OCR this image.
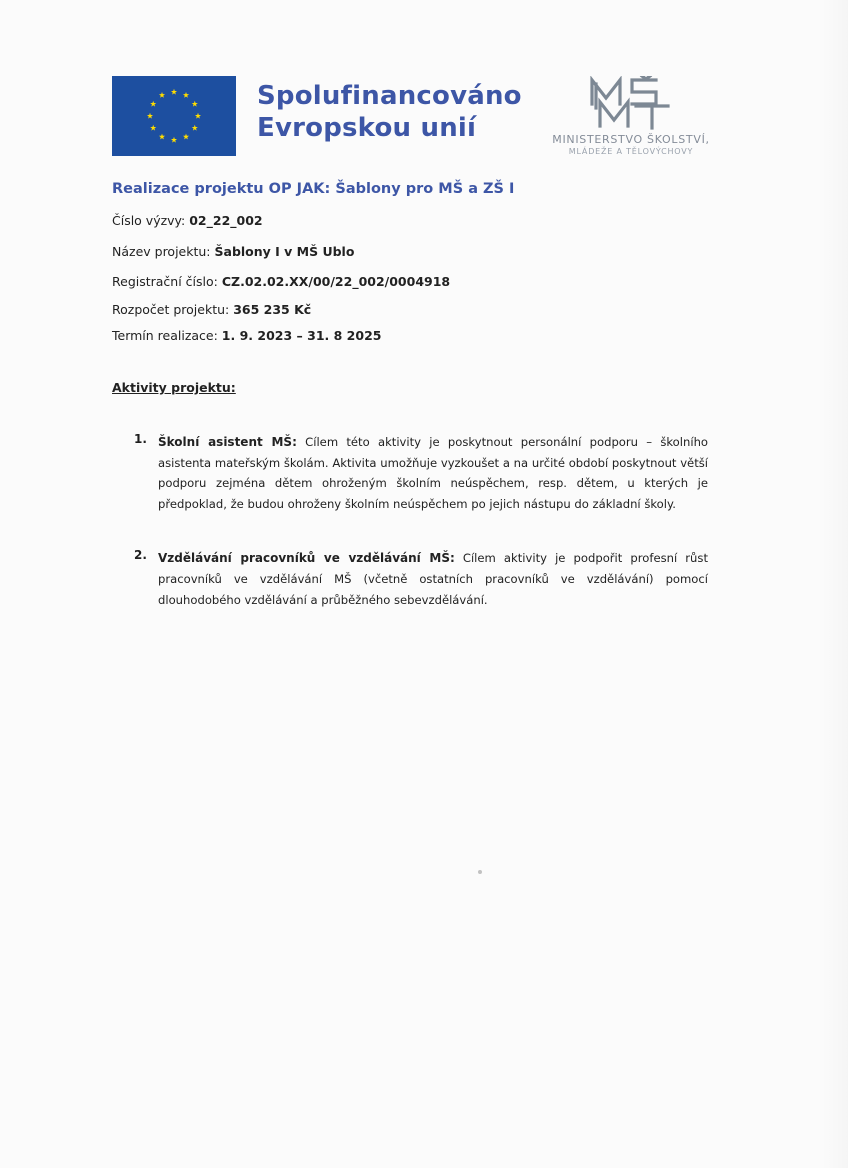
Spolufinancováno
Evropskou unií	MINISTERSTVO ŠKOLSTVÍ,
MLÁDEŽE A TĚLOVÝCHOVY
Realizace projektu OP JAK: Šablony pro MŠ a ZŠ I
Číslo výzvy: 02_22_002
Název projektu: Šablony I v MŠ Ublo
Registrační číslo: CZ.02.02.XX/00/22_002/0004918
Rozpočet projektu: 365 235 Kč
Termín realizace: 1. 9. 2023 – 31. 8 2025
Aktivity projektu:
1. Školní asistent MŠ: Cílem této aktivity je poskytnout personální podporu – školního asistenta mateřským školám. Aktivita umožňuje vyzkoušet a na určité období poskytnout větší podporu zejména dětem ohroženým školním neúspěchem, resp. dětem, u kterých je předpoklad, že budou ohroženy školním neúspěchem po jejich nástupu do základní školy.
2. Vzdělávání pracovníků ve vzdělávání MŠ: Cílem aktivity je podpořit profesní růst pracovníků ve vzdělávání MŠ (včetně ostatních pracovníků ve vzdělávání) pomocí dlouhodobého vzdělávání a průběžného sebevzdělávání.
